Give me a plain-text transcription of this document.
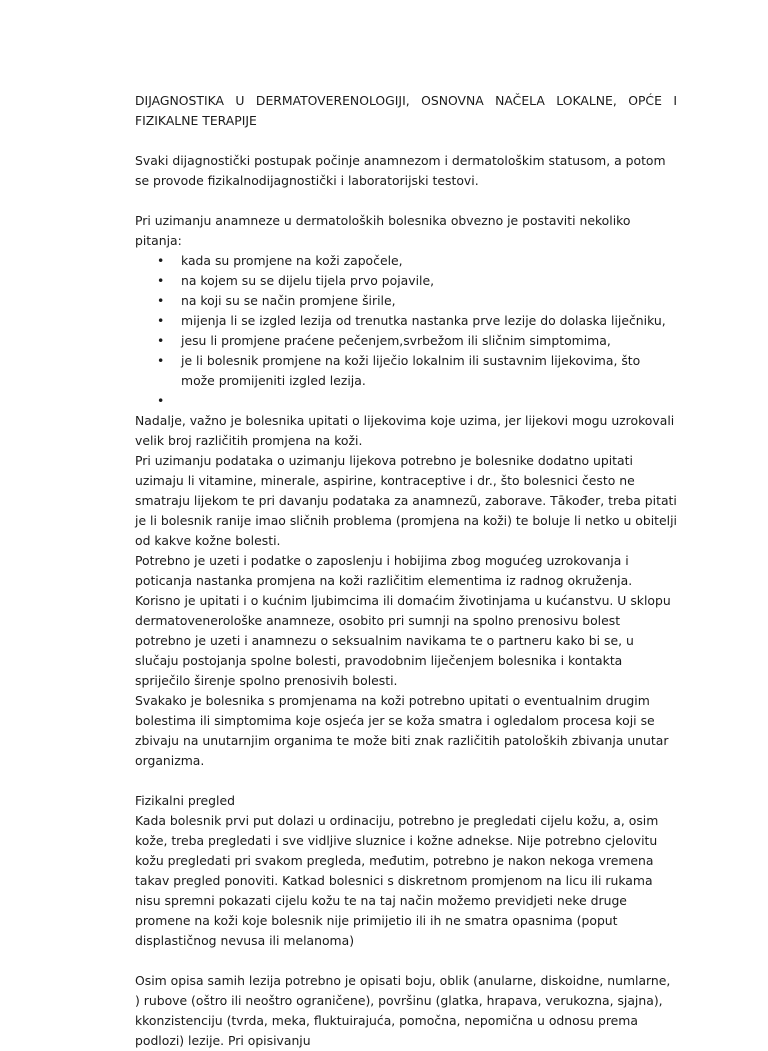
DIJAGNOSTIKA U DERMATOVERENOLOGIJI, OSNOVNA NAČELA LOKALNE, OPĆE I FIZIKALNE TERAPIJE

Svaki dijagnostički postupak počinje anamnezom i dermatološkim statusom, a potom se provode fizikalnodijagnostički i laboratorijski testovi.

Pri uzimanju anamneze u dermatoloških bolesnika obvezno je postaviti nekoliko pitanja:

• kada su promjene na koži započele,
• na kojem su se dijelu tijela prvo pojavile,
• na koji su se način promjene širile,
• mijenja li se izgled lezija od trenutka nastanka prve lezije do dolaska liječniku,
• jesu li promjene praćene pečenjem,svrbežom ili sličnim simptomima,
• je li bolesnik promjene na koži liječio lokalnim ili sustavnim lijekovima, što može promijeniti izgled lezija.
•

Nadalje, važno je bolesnika upitati o lijekovima koje uzima, jer lijekovi mogu uzrokovali velik broj različitih promjena na koži.

Pri uzimanju podataka o uzimanju lijekova potrebno je bolesnike dodatno upitati uzimaju li vitamine, minerale, aspirine, kontraceptive i dr., što bolesnici često ne smatraju lijekom te pri davanju podataka za anamnezũ, zaborave. Tākođer, treba pitati je li bolesnik ranije imao sličnih problema (promjena na koži) te boluje li netko u obitelji od kakve kožne bolesti.

Potrebno je uzeti i podatke o zaposlenju i hobijima zbog mogućeg uzrokovanja i poticanja nastanka promjena na koži različitim elementima iz radnog okruženja.

Korisno je upitati i o kućnim ljubimcima ili domaćim životinjama u kućanstvu. U sklopu dermatovenerološke anamneze, osobito pri sumnji na spolno prenosivu bolest potrebno je uzeti i anamnezu o seksualnim navikama te o partneru kako bi se, u slučaju postojanja spolne bolesti, pravodobnim liječenjem bolesnika i kontakta spriječilo širenje spolno prenosivih bolesti.

Svakako je bolesnika s promjenama na koži potrebno upitati o eventualnim drugim bolestima ili simptomima koje osjeća jer se koža smatra i ogledalom procesa koji se zbivaju na unutarnjim organima te može biti znak različitih patoloških zbivanja unutar organizma.

Fizikalni pregled

Kada bolesnik prvi put dolazi u ordinaciju, potrebno je pregledati cijelu kožu, a, osim kože, treba pregledati i sve vidljive sluznice i kožne adnekse. Nije potrebno cjelovitu kožu pregledati pri svakom pregleda, međutim, potrebno je nakon nekoga vremena takav pregled ponoviti. Katkad bolesnici s diskretnom promjenom na licu ili rukama nisu spremni pokazati cijelu kožu te na taj način možemo previdjeti neke druge promene na koži koje bolesnik nije primijetio ili ih ne smatra opasnima (poput displastičnog nevusa ili melanoma)

Osim opisa samih lezija potrebno je opisati boju, oblik (anularne, diskoidne, numlarne, ) rubove (oštro ili neoštro ograničene), površinu (glatka, hrapava, verukozna, sjajna), kkonzistenciju (tvrda, meka, fluktuirajuća, pomočna, nepomična u odnosu prema podlozi) lezije. Pri opisivanju
